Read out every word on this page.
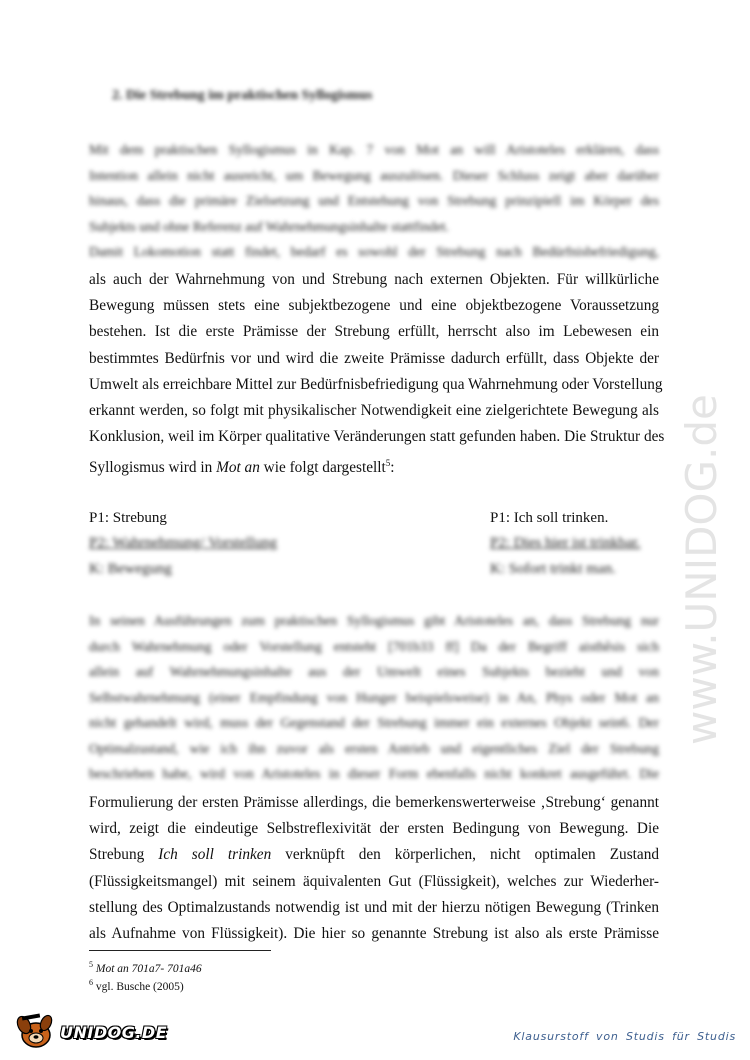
2. Die Strebung im praktischen Syllogismus
Mit dem praktischen Syllogismus in Kap. 7 von Mot an will Aristoteles erklären, dass
Intention allein nicht ausreicht, um Bewegung auszulösen. Dieser Schluss zeigt aber darüber
hinaus, dass die primäre Zielsetzung und Entstehung von Strebung prinzipiell im Körper des
Subjekts und ohne Referenz auf Wahrnehmungsinhalte stattfindet.
Damit Lokomotion statt findet, bedarf es sowohl der Strebung nach Bedürfnisbefriedigung,
als auch der Wahrnehmung von und Strebung nach externen Objekten. Für willkürliche
Bewegung müssen stets eine subjektbezogene und eine objektbezogene Voraussetzung
bestehen. Ist die erste Prämisse der Strebung erfüllt, herrscht also im Lebewesen ein
bestimmtes Bedürfnis vor und wird die zweite Prämisse dadurch erfüllt, dass Objekte der
Umwelt als erreichbare Mittel zur Bedürfnisbefriedigung qua Wahrnehmung oder Vorstellung
erkannt werden, so folgt mit physikalischer Notwendigkeit eine zielgerichtete Bewegung als
Konklusion, weil im Körper qualitative Veränderungen statt gefunden haben. Die Struktur des
Syllogismus wird in Mot an wie folgt dargestellt$^5$:
P1: Strebung
P2: Wahrnehmung/ Vorstellung
K: Bewegung
P1: Ich soll trinken.
P2: Dies hier ist trinkbar.
K: Sofort trinkt man.
In seinen Ausführungen zum praktischen Syllogismus gibt Aristoteles an, dass Strebung nur
durch Wahrnehmung oder Vorstellung entsteht [701b33 ff] Da der Begriff aisthêsis sich
allein auf Wahrnehmungsinhalte aus der Umwelt eines Subjekts bezieht und von
Selbstwahrnehmung (einer Empfindung von Hunger beispielsweise) in An, Phys oder Mot an
nicht gehandelt wird, muss der Gegenstand der Strebung immer ein externes Objekt sein6. Der
Optimalzustand, wie ich ihn zuvor als ersten Antrieb und eigentliches Ziel der Strebung
beschrieben habe, wird von Aristoteles in dieser Form ebenfalls nicht konkret ausgeführt. Die
Formulierung der ersten Prämisse allerdings, die bemerkenswerterweise ‚Strebung‘ genannt
wird, zeigt die eindeutige Selbstreflexivität der ersten Bedingung von Bewegung. Die
Strebung Ich soll trinken verknüpft den körperlichen, nicht optimalen Zustand
(Flüssigkeitsmangel) mit seinem äquivalenten Gut (Flüssigkeit), welches zur Wiederher-
stellung des Optimalzustands notwendig ist und mit der hierzu nötigen Bewegung (Trinken
als Aufnahme von Flüssigkeit). Die hier so genannte Strebung ist also als erste Prämisse
$^5$ Mot an 701a7- 701a46
$^6$ vgl. Busche (2005)
www.UNIDOG.de
UNIDOG.DE	Klausurstoff von Studis für Studis
